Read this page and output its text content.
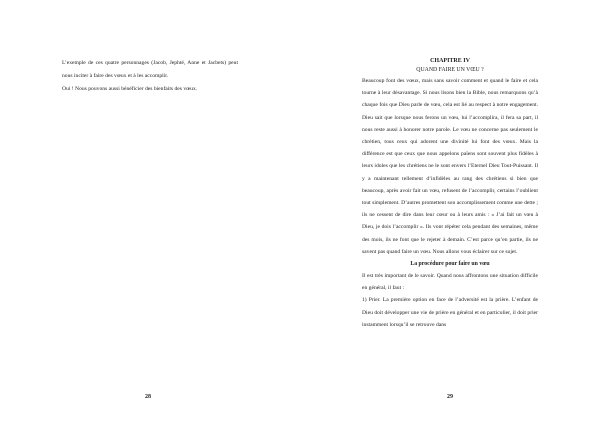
L’exemple de ces quatre personnages (Jacob, Jephté, Anne et Jacbets) peut nous inciter à faire des vœux et à les accomplir.

Oui ! Nous pouvons aussi bénéficier des bienfaits des vœux.

28

CHAPITRE IV

QUAND FAIRE UN VŒU ?

Beaucoup font des vœux, mais sans savoir comment et quand le faire et cela tourne à leur désavantage. Si nous lisons bien la Bible, nous remarquons qu’à chaque fois que Dieu parle de vœu, cela est lié au respect à notre engagement. Dieu sait que lorsque nous ferons un vœu, lui l’accomplira, il fera sa part, il nous reste aussi à honorer notre parole. Le vœu ne concerne pas seulement le chrétien, tous ceux qui adorent une divinité lui font des vœux. Mais la différence est que ceux que nous appelons païens sont souvent plus fidèles à leurs idoles que les chrétiens ne le sont envers l’Eternel Dieu Tout-Puissant. Il y a maintenant tellement d’infidèles au rang des chrétiens si bien que beaucoup, après avoir fait un vœu, refusent de l’accomplir, certains l’oublient tout simplement. D’autres promettent son accomplissement comme une dette ; ils ne cessent de dire dans leur cœur ou à leurs amis : « J’ai fait un vœu à Dieu, je dois l’accomplir ». Ils vont répéter cela pendant des semaines, même des mois, ils ne font que le rejeter à demain. C’est parce qu’en partie, ils ne savent pas quand faire un vœu. Nous allons vous éclairer sur ce sujet.

La procédure pour faire un vœu

Il est très important de le savoir. Quand nous affrontons une situation difficile en général, il faut :

1) Prier. La première option en face de l’adversité est la prière. L’enfant de Dieu doit développer une vie de prière en général et en particulier, il doit prier instamment lorsqu’il se retrouve dans

29
